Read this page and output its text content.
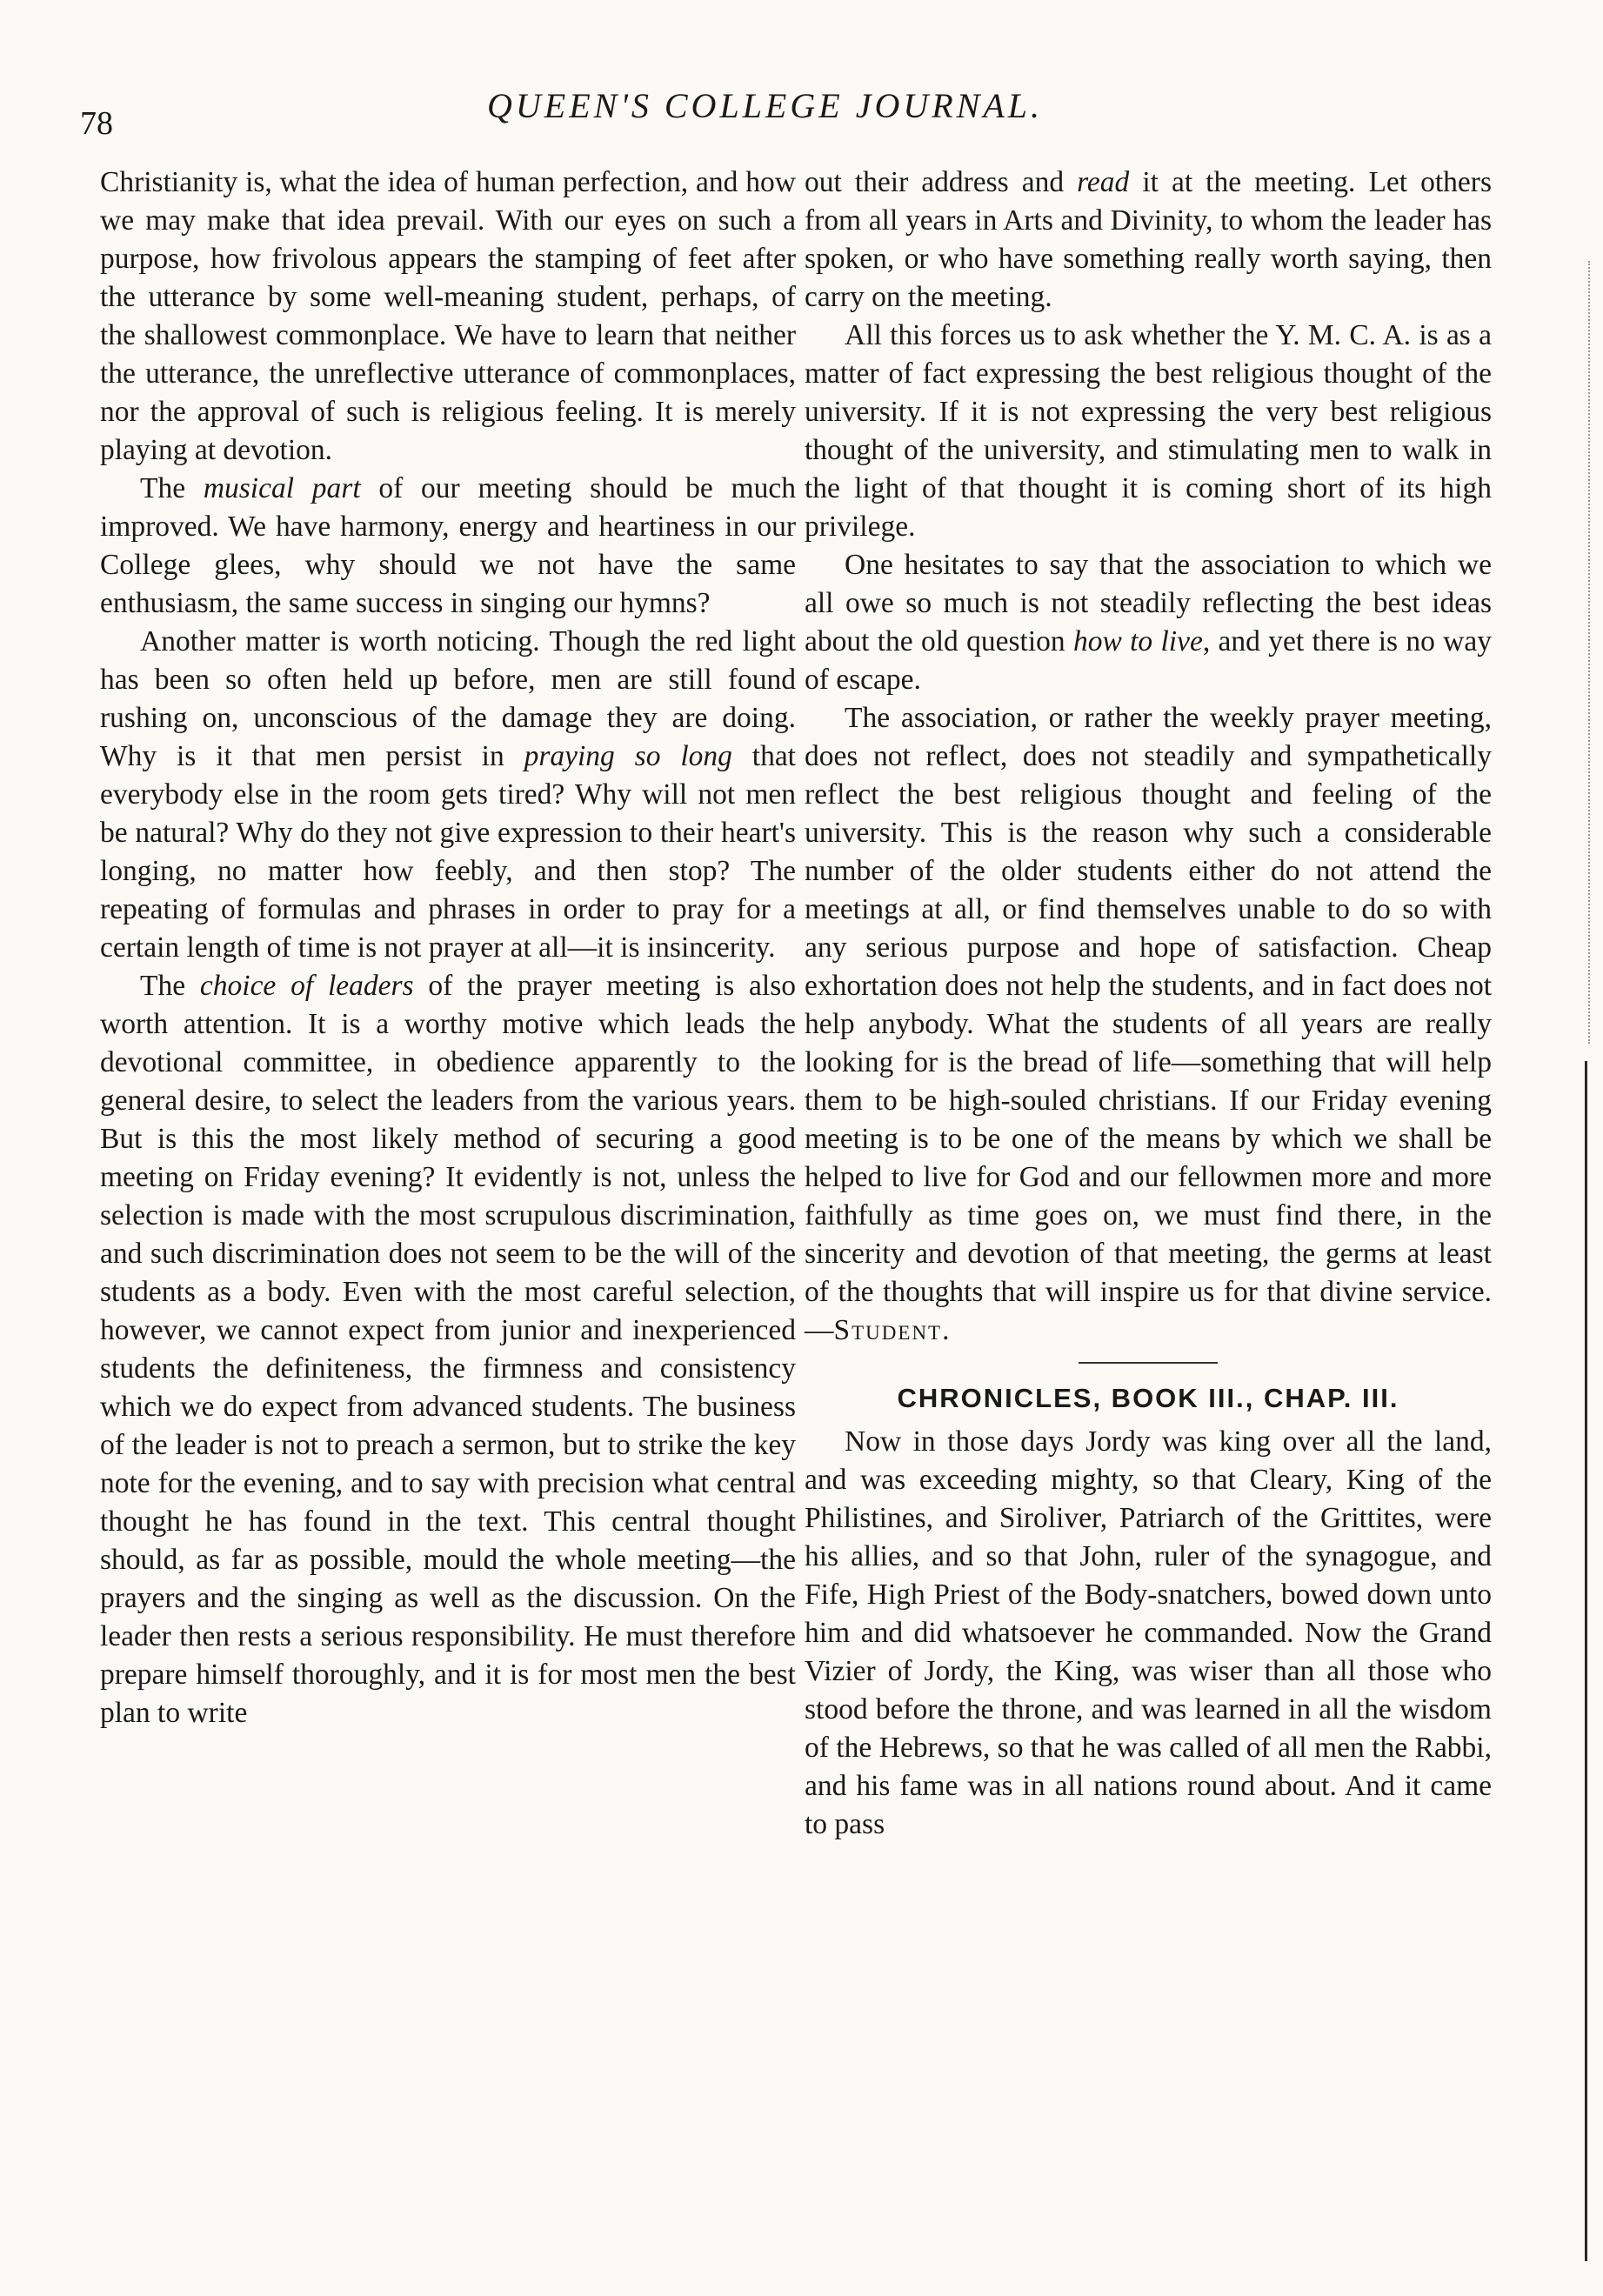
78	QUEEN'S COLLEGE JOURNAL.

Christianity is, what the idea of human perfection, and how we may make that idea prevail. With our eyes on such a purpose, how frivolous appears the stamping of feet after the utterance by some well-meaning student, perhaps, of the shallowest commonplace. We have to learn that neither the utterance, the unreflective utterance of commonplaces, nor the approval of such is religious feeling. It is merely playing at devotion.

The musical part of our meeting should be much improved. We have harmony, energy and heartiness in our College glees, why should we not have the same enthusiasm, the same success in singing our hymns?

Another matter is worth noticing. Though the red light has been so often held up before, men are still found rushing on, unconscious of the damage they are doing. Why is it that men persist in praying so long that everybody else in the room gets tired? Why will not men be natural? Why do they not give expression to their heart's longing, no matter how feebly, and then stop? The repeating of formulas and phrases in order to pray for a certain length of time is not prayer at all—it is insincerity.

The choice of leaders of the prayer meeting is also worth attention. It is a worthy motive which leads the devotional committee, in obedience apparently to the general desire, to select the leaders from the various years. But is this the most likely method of securing a good meeting on Friday evening? It evidently is not, unless the selection is made with the most scrupulous discrimination, and such discrimination does not seem to be the will of the students as a body. Even with the most careful selection, however, we cannot expect from junior and inexperienced students the definiteness, the firmness and consistency which we do expect from advanced students. The business of the leader is not to preach a sermon, but to strike the key note for the evening, and to say with precision what central thought he has found in the text. This central thought should, as far as possible, mould the whole meeting—the prayers and the singing as well as the discussion. On the leader then rests a serious responsibility. He must therefore prepare himself thoroughly, and it is for most men the best plan to write

out their address and read it at the meeting. Let others from all years in Arts and Divinity, to whom the leader has spoken, or who have something really worth saying, then carry on the meeting.

All this forces us to ask whether the Y. M. C. A. is as a matter of fact expressing the best religious thought of the university. If it is not expressing the very best religious thought of the university, and stimulating men to walk in the light of that thought it is coming short of its high privilege.

One hesitates to say that the association to which we all owe so much is not steadily reflecting the best ideas about the old question how to live, and yet there is no way of escape.

The association, or rather the weekly prayer meeting, does not reflect, does not steadily and sympathetically reflect the best religious thought and feeling of the university. This is the reason why such a considerable number of the older students either do not attend the meetings at all, or find themselves unable to do so with any serious purpose and hope of satisfaction. Cheap exhortation does not help the students, and in fact does not help anybody. What the students of all years are really looking for is the bread of life—something that will help them to be high-souled christians. If our Friday evening meeting is to be one of the means by which we shall be helped to live for God and our fellowmen more and more faithfully as time goes on, we must find there, in the sincerity and devotion of that meeting, the germs at least of the thoughts that will inspire us for that divine service.—Student.

CHRONICLES, BOOK III., CHAP. III.

Now in those days Jordy was king over all the land, and was exceeding mighty, so that Cleary, King of the Philistines, and Siroliver, Patriarch of the Grittites, were his allies, and so that John, ruler of the synagogue, and Fife, High Priest of the Body-snatchers, bowed down unto him and did whatsoever he commanded. Now the Grand Vizier of Jordy, the King, was wiser than all those who stood before the throne, and was learned in all the wisdom of the Hebrews, so that he was called of all men the Rabbi, and his fame was in all nations round about. And it came to pass
